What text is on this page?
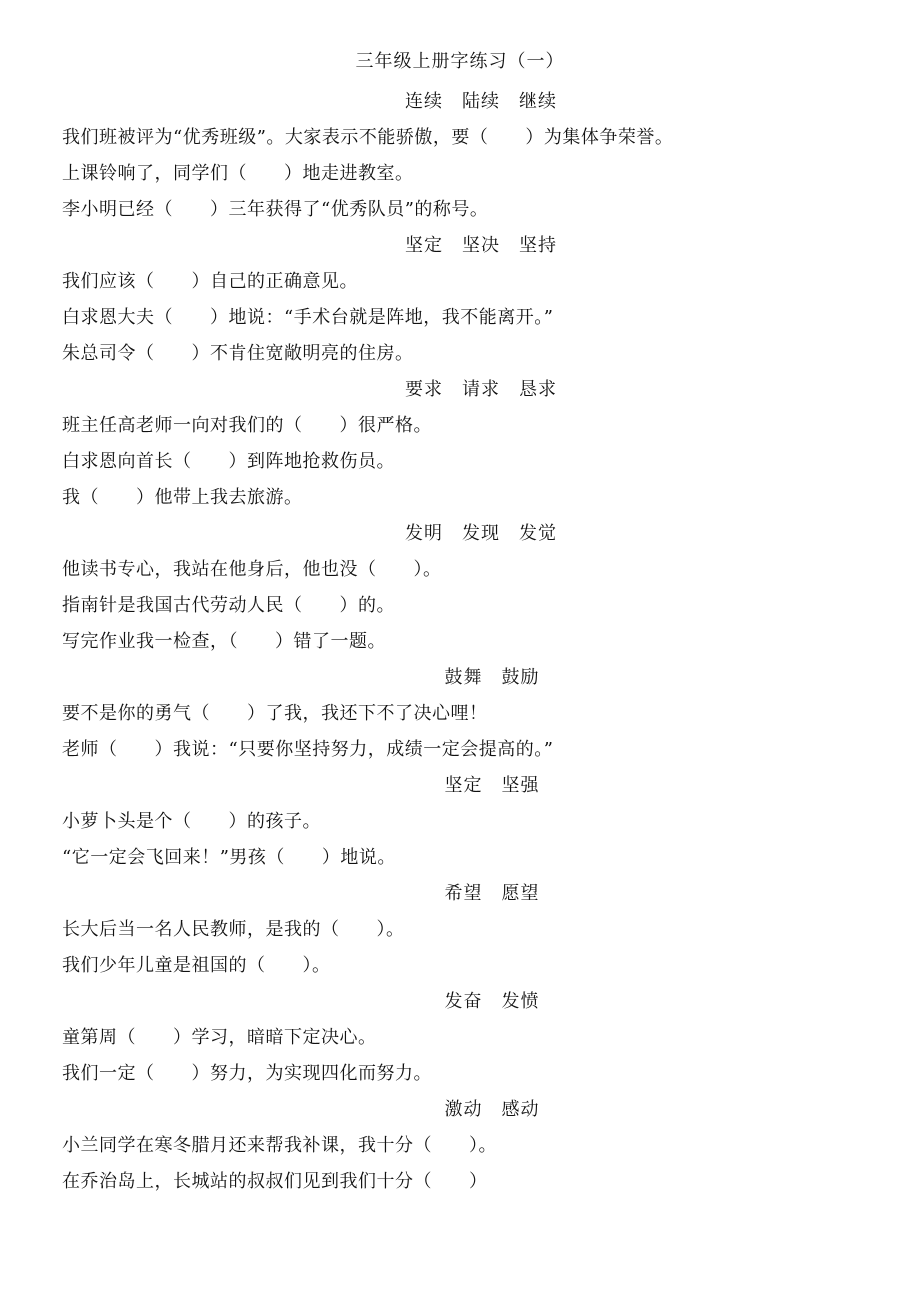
三年级上册字练习（一）
连续　陆续　继续
我们班被评为“优秀班级”。大家表示不能骄傲，要（　　）为集体争荣誉。
上课铃响了，同学们（　　）地走进教室。
李小明已经（　　）三年获得了“优秀队员”的称号。
坚定　坚决　坚持
我们应该（　　）自己的正确意见。
白求恩大夫（　　）地说：“手术台就是阵地，我不能离开。”
朱总司令（　　）不肯住宽敞明亮的住房。
要求　请求　恳求
班主任高老师一向对我们的（　　）很严格。
白求恩向首长（　　）到阵地抢救伤员。
我（　　）他带上我去旅游。
发明　发现　发觉
他读书专心，我站在他身后，他也没（　　）。
指南针是我国古代劳动人民（　　）的。
写完作业我一检查，（　　）错了一题。
鼓舞　鼓励
要不是你的勇气（　　）了我，我还下不了决心哩！
老师（　　）我说：“只要你坚持努力，成绩一定会提高的。”
坚定　坚强
小萝卜头是个（　　）的孩子。
“它一定会飞回来！”男孩（　　）地说。
希望　愿望
长大后当一名人民教师，是我的（　　）。
我们少年儿童是祖国的（　　）。
发奋　发愤
童第周（　　）学习，暗暗下定决心。
我们一定（　　）努力，为实现四化而努力。
激动　感动
小兰同学在寒冬腊月还来帮我补课，我十分（　　）。
在乔治岛上，长城站的叔叔们见到我们十分（　　）
